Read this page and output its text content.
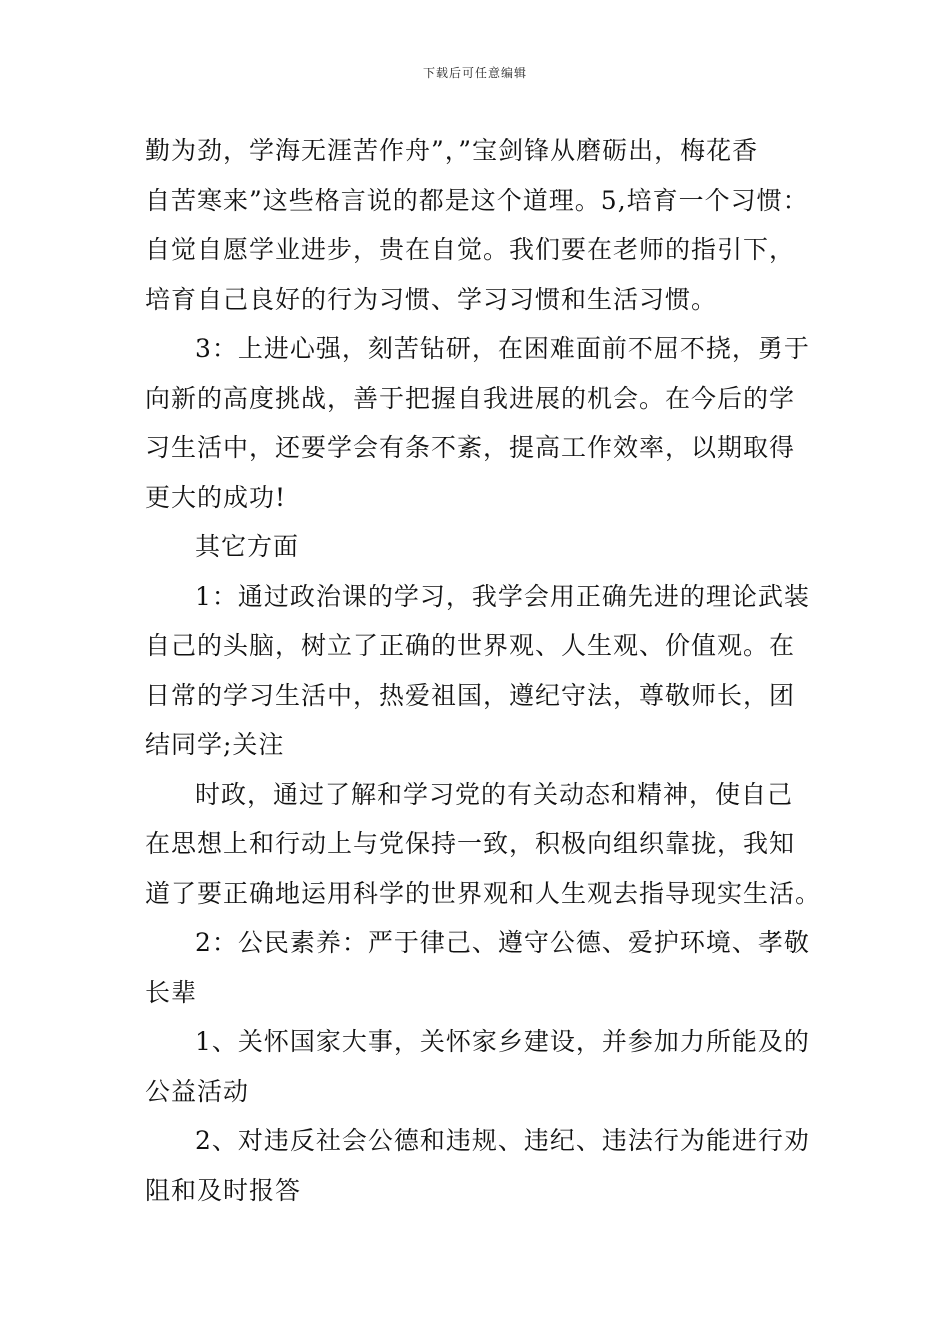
下载后可任意编辑
勤为劲，学海无涯苦作舟”，”宝剑锋从磨砺出，梅花香
自苦寒来”这些格言说的都是这个道理。5,培育一个习惯：
自觉自愿学业进步，贵在自觉。我们要在老师的指引下，
培育自己良好的行为习惯、学习习惯和生活习惯。
3：上进心强，刻苦钻研，在困难面前不屈不挠，勇于
向新的高度挑战，善于把握自我进展的机会。在今后的学
习生活中，还要学会有条不紊，提高工作效率，以期取得
更大的成功!
其它方面
1：通过政治课的学习，我学会用正确先进的理论武装
自己的头脑，树立了正确的世界观、人生观、价值观。在
日常的学习生活中，热爱祖国，遵纪守法，尊敬师长，团
结同学;关注
时政，通过了解和学习党的有关动态和精神，使自己
在思想上和行动上与党保持一致，积极向组织靠拢，我知
道了要正确地运用科学的世界观和人生观去指导现实生活。
2：公民素养：严于律己、遵守公德、爱护环境、孝敬
长辈
1、关怀国家大事，关怀家乡建设，并参加力所能及的
公益活动
2、对违反社会公德和违规、违纪、违法行为能进行劝
阻和及时报答
